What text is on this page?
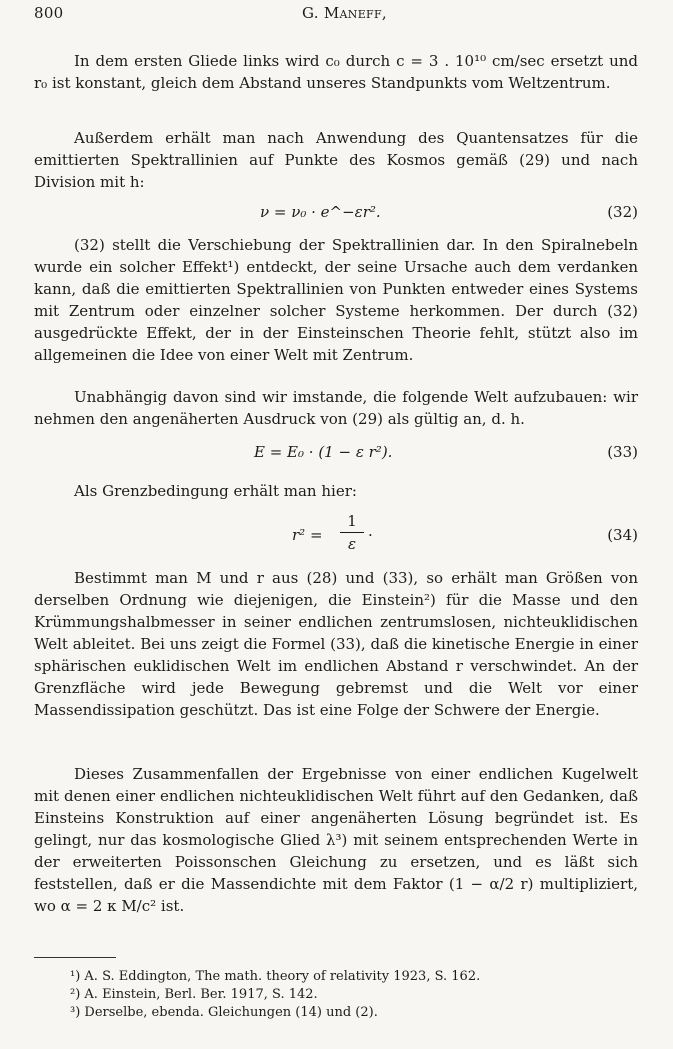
800	G. Maneff,

In dem ersten Gliede links wird c₀ durch c = 3 . 10¹⁰ cm/sec ersetzt und r₀ ist konstant, gleich dem Abstand unseres Standpunkts vom Weltzentrum.

Außerdem erhält man nach Anwendung des Quantensatzes für die emittierten Spektrallinien auf Punkte des Kosmos gemäß (29) und nach Division mit h:

ν = ν₀ · e^−εr².	(32)

(32) stellt die Verschiebung der Spektrallinien dar. In den Spiralnebeln wurde ein solcher Effekt¹) entdeckt, der seine Ursache auch dem verdanken kann, daß die emittierten Spektrallinien von Punkten entweder eines Systems mit Zentrum oder einzelner solcher Systeme herkommen. Der durch (32) ausgedrückte Effekt, der in der Einsteinschen Theorie fehlt, stützt also im allgemeinen die Idee von einer Welt mit Zentrum.

Unabhängig davon sind wir imstande, die folgende Welt aufzubauen: wir nehmen den angenäherten Ausdruck von (29) als gültig an, d. h.

E = E₀ · (1 − ε r²).	(33)

Als Grenzbedingung erhält man hier:

r² =
1
ε ·	(34)

Bestimmt man M und r aus (28) und (33), so erhält man Größen von derselben Ordnung wie diejenigen, die Einstein²) für die Masse und den Krümmungshalbmesser in seiner endlichen zentrumslosen, nichteuklidischen Welt ableitet. Bei uns zeigt die Formel (33), daß die kinetische Energie in einer sphärischen euklidischen Welt im endlichen Abstand r verschwindet. An der Grenzfläche wird jede Bewegung gebremst und die Welt vor einer Massendissipation geschützt. Das ist eine Folge der Schwere der Energie.

Dieses Zusammenfallen der Ergebnisse von einer endlichen Kugelwelt mit denen einer endlichen nichteuklidischen Welt führt auf den Gedanken, daß Einsteins Konstruktion auf einer angenäherten Lösung begründet ist. Es gelingt, nur das kosmologische Glied λ³) mit seinem entsprechenden Werte in der erweiterten Poissonschen Gleichung zu ersetzen, und es läßt sich feststellen, daß er die Massendichte mit dem Faktor (1 − α/2 r) multipliziert, wo α = 2 κ M/c² ist.

¹) A. S. Eddington, The math. theory of relativity 1923, S. 162.
²) A. Einstein, Berl. Ber. 1917, S. 142.
³) Derselbe, ebenda. Gleichungen (14) und (2).
